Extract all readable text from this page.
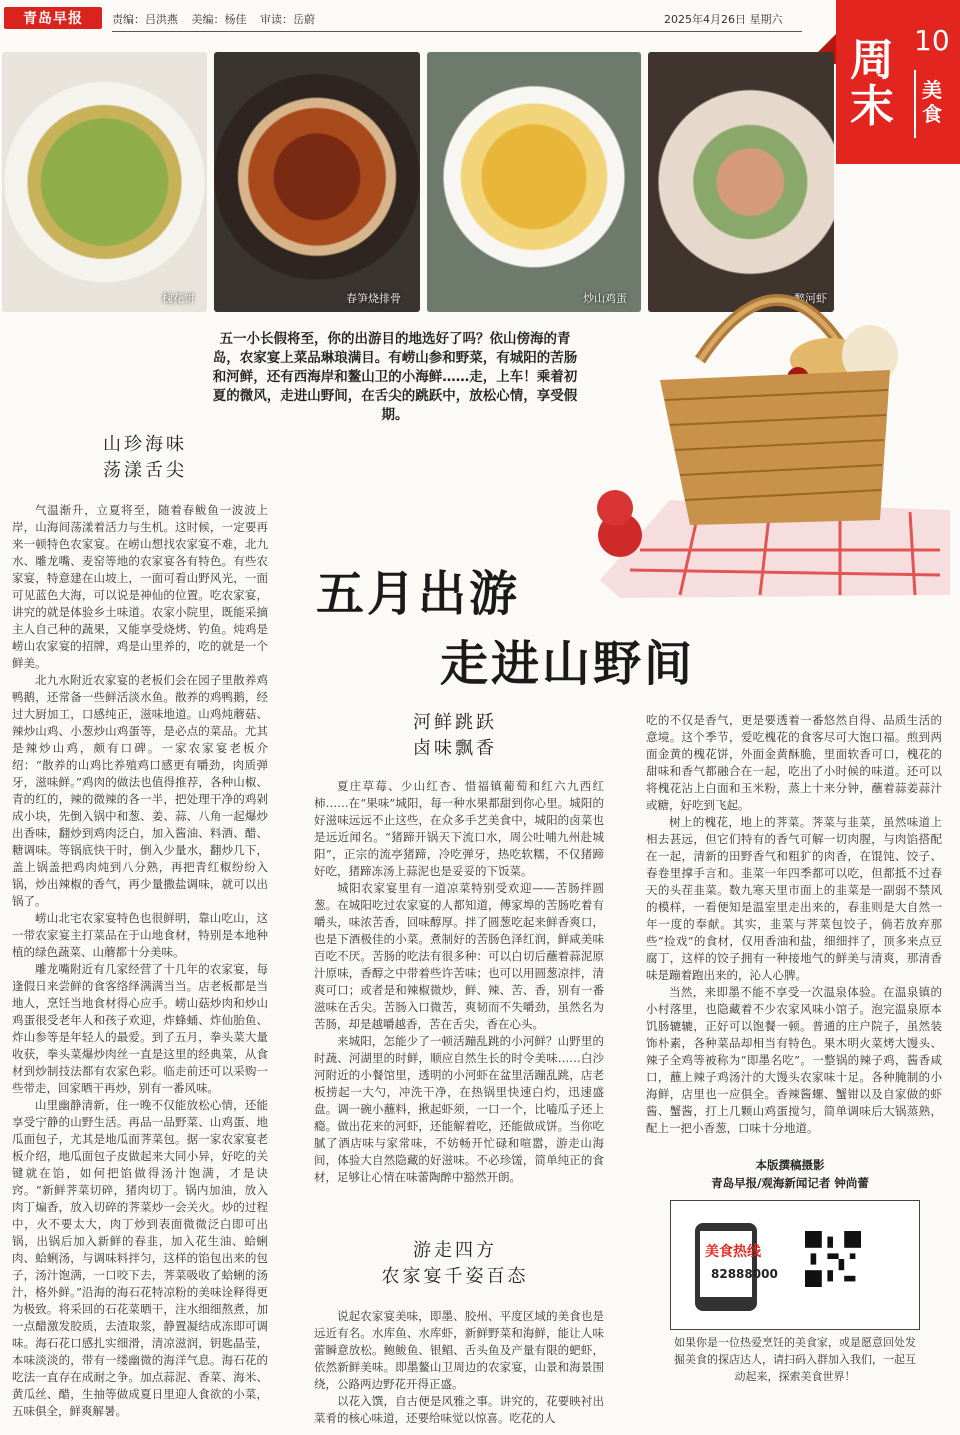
青岛早报	责编：吕洪燕 美编：杨佳 审读：岳蔚	2025年4月26日 星期六
周末
10
美食
槐花饼	春笋烧排骨	炒山鸡蛋	醉河虾
五一小长假将至，你的出游目的地选好了吗？依山傍海的青岛，农家宴上菜品琳琅满目。有崂山参和野菜，有城阳的苦肠和河鲜，还有西海岸和鳌山卫的小海鲜……走，上车！乘着初夏的微风，走进山野间，在舌尖的跳跃中，放松心情，享受假期。
五月出游
走进山野间
山珍海味
荡漾舌尖
河鲜跳跃
卤味飘香
游走四方
农家宴千姿百态

气温渐升，立夏将至，随着春鲅鱼一波波上岸，山海间荡漾着活力与生机。这时候，一定要再来一顿特色农家宴。在崂山想找农家宴不难，北九水、雕龙嘴、麦窑等地的农家宴各有特色。有些农家宴，特意建在山坡上，一面可看山野风光，一面可见蓝色大海，可以说是神仙的位置。吃农家宴，讲究的就是体验乡土味道。农家小院里，既能采摘主人自己种的蔬果，又能享受烧烤、钓鱼。炖鸡是崂山农家宴的招牌，鸡是山里养的，吃的就是一个鲜美。

北九水附近农家宴的老板们会在园子里散养鸡鸭鹅，还常备一些鲜活淡水鱼。散养的鸡鸭鹅，经过大厨加工，口感纯正，滋味地道。山鸡炖蘑菇、辣炒山鸡、小葱炒山鸡蛋等，是必点的菜品。尤其是辣炒山鸡，颇有口碑。一家农家宴老板介绍：“散养的山鸡比养殖鸡口感更有嚼劲，肉质弹牙，滋味鲜。”鸡肉的做法也值得推荐，各种山椒、青的红的，辣的微辣的各一半，把处理干净的鸡剁成小块，先倒入锅中和葱、姜、蒜、八角一起爆炒出香味，翻炒到鸡肉泛白，加入酱油、料酒、醋、糖调味。等锅底快干时，倒入少量水，翻炒几下，盖上锅盖把鸡肉炖到八分熟，再把青红椒纷纷入锅，炒出辣椒的香气，再少量撒盐调味，就可以出锅了。

崂山北宅农家宴特色也很鲜明，靠山吃山，这一带农家宴主打菜品在于山地食材，特别是本地种植的绿色蔬菜、山蘑都十分美味。

雕龙嘴附近有几家经营了十几年的农家宴，每逢假日来尝鲜的食客络绎满满当当。店老板都是当地人，烹饪当地食材得心应手。崂山菇炒肉和炒山鸡蛋很受老年人和孩子欢迎，炸蜂蛹、炸仙胎鱼、炸山参等是年轻人的最爱。到了五月，拳头菜大量收获，拳头菜爆炒肉丝一直是这里的经典菜，从食材到炒制技法都有农家色彩。临走前还可以采购一些带走，回家晒干再炒，别有一番风味。

山里幽静清新，住一晚不仅能放松心情，还能享受宁静的山野生活。再品一品野菜、山鸡蛋、地瓜面包子，尤其是地瓜面荠菜包。据一家农家宴老板介绍，地瓜面包子皮做起来大同小异，好吃的关键就在馅，如何把馅做得汤汁饱满，才是诀窍。“新鲜荠菜切碎，猪肉切丁。锅内加油，放入肉丁煸香，放入切碎的荠菜炒一会关火。炒的过程中，火不要太大，肉丁炒到表面微微泛白即可出锅，出锅后加入新鲜的春韭，加入花生油、蛤蜊肉、蛤蜊汤，与调味料拌匀，这样的馅包出来的包子，汤汁饱满，一口咬下去，荠菜吸收了蛤蜊的汤汁，格外鲜。”沿海的海石花特凉粉的美味诠释得更为极致。将采回的石花菜晒干，注水细细熬煮，加一点醋激发胶质，去渣取浆，静置凝结成冻即可调味。海石花口感扎实细滑，清凉滋润，钥匙晶莹，本味淡淡的，带有一缕幽微的海洋气息。海石花的吃法一直存在成耐之争。加点蒜泥、香菜、海米、黄瓜丝、醋，生抽等做成夏日里迎人食欲的小菜，五味俱全，鲜爽解暑。

夏庄草莓、少山红杏、惜福镇葡萄和红六九西红柿……在“果味”城阳，每一种水果都甜到你心里。城阳的好滋味远远不止这些，在众多手艺美食中，城阳的卤菜也是远近闻名。“猪蹄开锅天下流口水，周公吐哺九州赴城阳”，正宗的流亭猪蹄，冷吃弹牙，热吃软糯，不仅猪蹄好吃，猪蹄冻汤上蒜泥也是妥妥的下饭菜。

城阳农家宴里有一道凉菜特别受欢迎——苦肠拌圆葱。在城阳吃过农家宴的人都知道，傅家埠的苦肠吃着有嚼头，味浓苦香，回味醇厚。拌了圆葱吃起来鲜香爽口，也是下酒极佳的小菜。煮制好的苦肠色泽红润，鲜咸美味百吃不厌。苦肠的吃法有很多种：可以白切后蘸着蒜泥原汁原味，香醇之中带着些许苦味；也可以用圆葱凉拌，清爽可口；或者是和辣椒微炒，鲜、辣、苦、香，别有一番滋味在舌尖。苦肠入口微苦，爽韧而不失嚼劲，虽然名为苦肠，却是越嚼越香，苦在舌尖，香在心头。

来城阳，怎能少了一顿活蹦乱跳的小河鲜？山野里的时蔬、河湖里的时鲜，顺应自然生长的时令美味……白沙河附近的小餐馆里，透明的小河虾在盆里活蹦乱跳，店老板捞起一大勺，冲洗干净，在热锅里快速白灼，迅速盛盘。调一碗小蘸料，揪起虾须，一口一个，比嗑瓜子还上瘾。做出花来的河虾，还能解着吃，还能做成饼。当你吃腻了酒店味与家常味，不妨畅开忙碌和喧嚣，游走山海间，体验大自然隐藏的好滋味。不必珍馐，简单纯正的食材，足够让心情在味蕾陶醉中豁然开朗。

说起农家宴美味，即墨、胶州、平度区域的美食也是远近有名。水库鱼、水库虾，新鲜野菜和海鲜，能让人味蕾瞬意放松。鲍鲅鱼、银鲳、舌头鱼及产量有限的蚆虾，依然新鲜美味。即墨鳌山卫周边的农家宴，山景和海景围绕，公路两边野花开得正盛。

以花入馔，自古便是风雅之事。讲究的，花要映衬出菜肴的核心味道，还要给味觉以惊喜。吃花的人

吃的不仅是香气，更是要透着一番悠然自得、品质生活的意境。这个季节，爱吃槐花的食客尽可大饱口福。煎到两面金黄的槐花饼，外面金黄酥脆，里面软香可口，槐花的甜味和香气都融合在一起，吃出了小时候的味道。还可以将槐花沾上白面和玉米粉，蒸上十来分钟，蘸着蒜姜蒜汁或糖，好吃到飞起。

树上的槐花，地上的荠菜。荠菜与韭菜，虽然味道上相去甚远，但它们特有的香气可解一切肉腥，与肉馅搭配在一起，清新的田野香气和粗犷的肉香，在馄饨、饺子、春卷里撑手言和。韭菜一年四季都可以吃，但都抵不过春天的头茬韭菜。数九寒天里市面上的韭菜是一副弱不禁风的模样，一看便知是温室里走出来的，春韭则是大自然一年一度的奉献。其实，韭菜与荠菜包饺子，倘若放弃那些“捡戏”的食材，仅用香油和盐，细细拌了，顶多来点豆腐丁，这样的饺子拥有一种接地气的鲜美与清爽，那清香味是蹦着跑出来的，沁人心脾。

当然，来即墨不能不享受一次温泉体验。在温泉镇的小村落里，也隐藏着不少农家风味小馆子。泡完温泉原本饥肠辘辘，正好可以饱餐一顿。普通的庄户院子，虽然装饰朴素，各种菜品却相当有特色。果木明火菜烤大馒头、辣子全鸡等被称为“即墨名吃”。一整锅的辣子鸡，酱香咸口，蘸上辣子鸡汤汁的大馒头农家味十足。各种腌制的小海鲜，店里也一应俱全。香辣酱螺、蟹钳以及自家做的虾酱、蟹酱，打上几颗山鸡蛋搅匀，简单调味后大锅蒸熟，配上一把小香葱，口味十分地道。

本版撰稿摄影
青岛早报/观海新闻记者 钟尚蕾
美食热线
82888000
如果你是一位热爱烹饪的美食家，或是愿意回处发掘美食的探店达人，请扫码入群加入我们，一起互动起来，探索美食世界！
